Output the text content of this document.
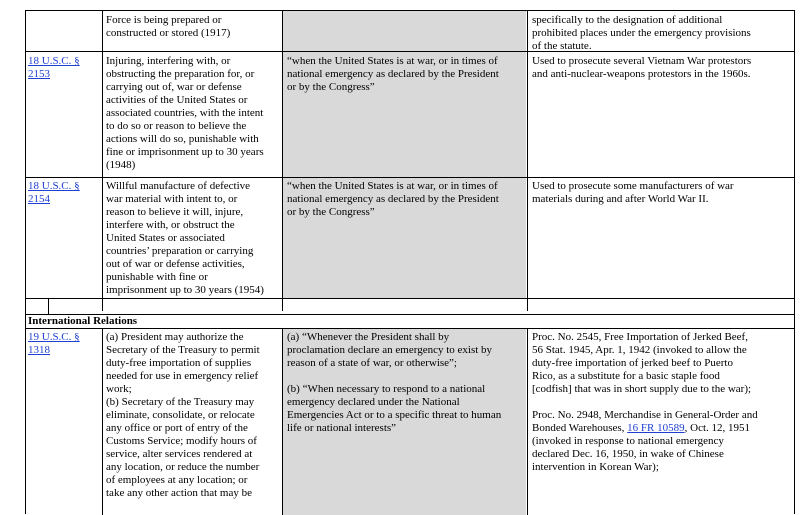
Force is being prepared or
constructed or stored (1917)
specifically to the designation of additional
prohibited places under the emergency provisions
of the statute.
18 U.S.C. §
2153
Injuring, interfering with, or
obstructing the preparation for, or
carrying out of, war or defense
activities of the United States or
associated countries, with the intent
to do so or reason to believe the
actions will do so, punishable with
fine or imprisonment up to 30 years
(1948)
“when the United States is at war, or in times of
national emergency as declared by the President
or by the Congress”
Used to prosecute several Vietnam War protestors
and anti-nuclear-weapons protestors in the 1960s.
18 U.S.C. §
2154
Willful manufacture of defective
war material with intent to, or
reason to believe it will, injure,
interfere with, or obstruct the
United States or associated
countries’ preparation or carrying
out of war or defense activities,
punishable with fine or
imprisonment up to 30 years (1954)
“when the United States is at war, or in times of
national emergency as declared by the President
or by the Congress”
Used to prosecute some manufacturers of war
materials during and after World War II.
International Relations
19 U.S.C. §
1318
(a) President may authorize the
Secretary of the Treasury to permit
duty-free importation of supplies
needed for use in emergency relief
work;
(b) Secretary of the Treasury may
eliminate, consolidate, or relocate
any office or port of entry of the
Customs Service; modify hours of
service, alter services rendered at
any location, or reduce the number
of employees at any location; or
take any other action that may be
(a) “Whenever the President shall by
proclamation declare an emergency to exist by
reason of a state of war, or otherwise”;
(b) “When necessary to respond to a national
emergency declared under the National
Emergencies Act or to a specific threat to human
life or national interests”
Proc. No. 2545, Free Importation of Jerked Beef,
56 Stat. 1945, Apr. 1, 1942 (invoked to allow the
duty-free importation of jerked beef to Puerto
Rico, as a substitute for a basic staple food
[codfish] that was in short supply due to the war);
Proc. No. 2948, Merchandise in General-Order and
Bonded Warehouses, 16 FR 10589, Oct. 12, 1951
(invoked in response to national emergency
declared Dec. 16, 1950, in wake of Chinese
intervention in Korean War);
